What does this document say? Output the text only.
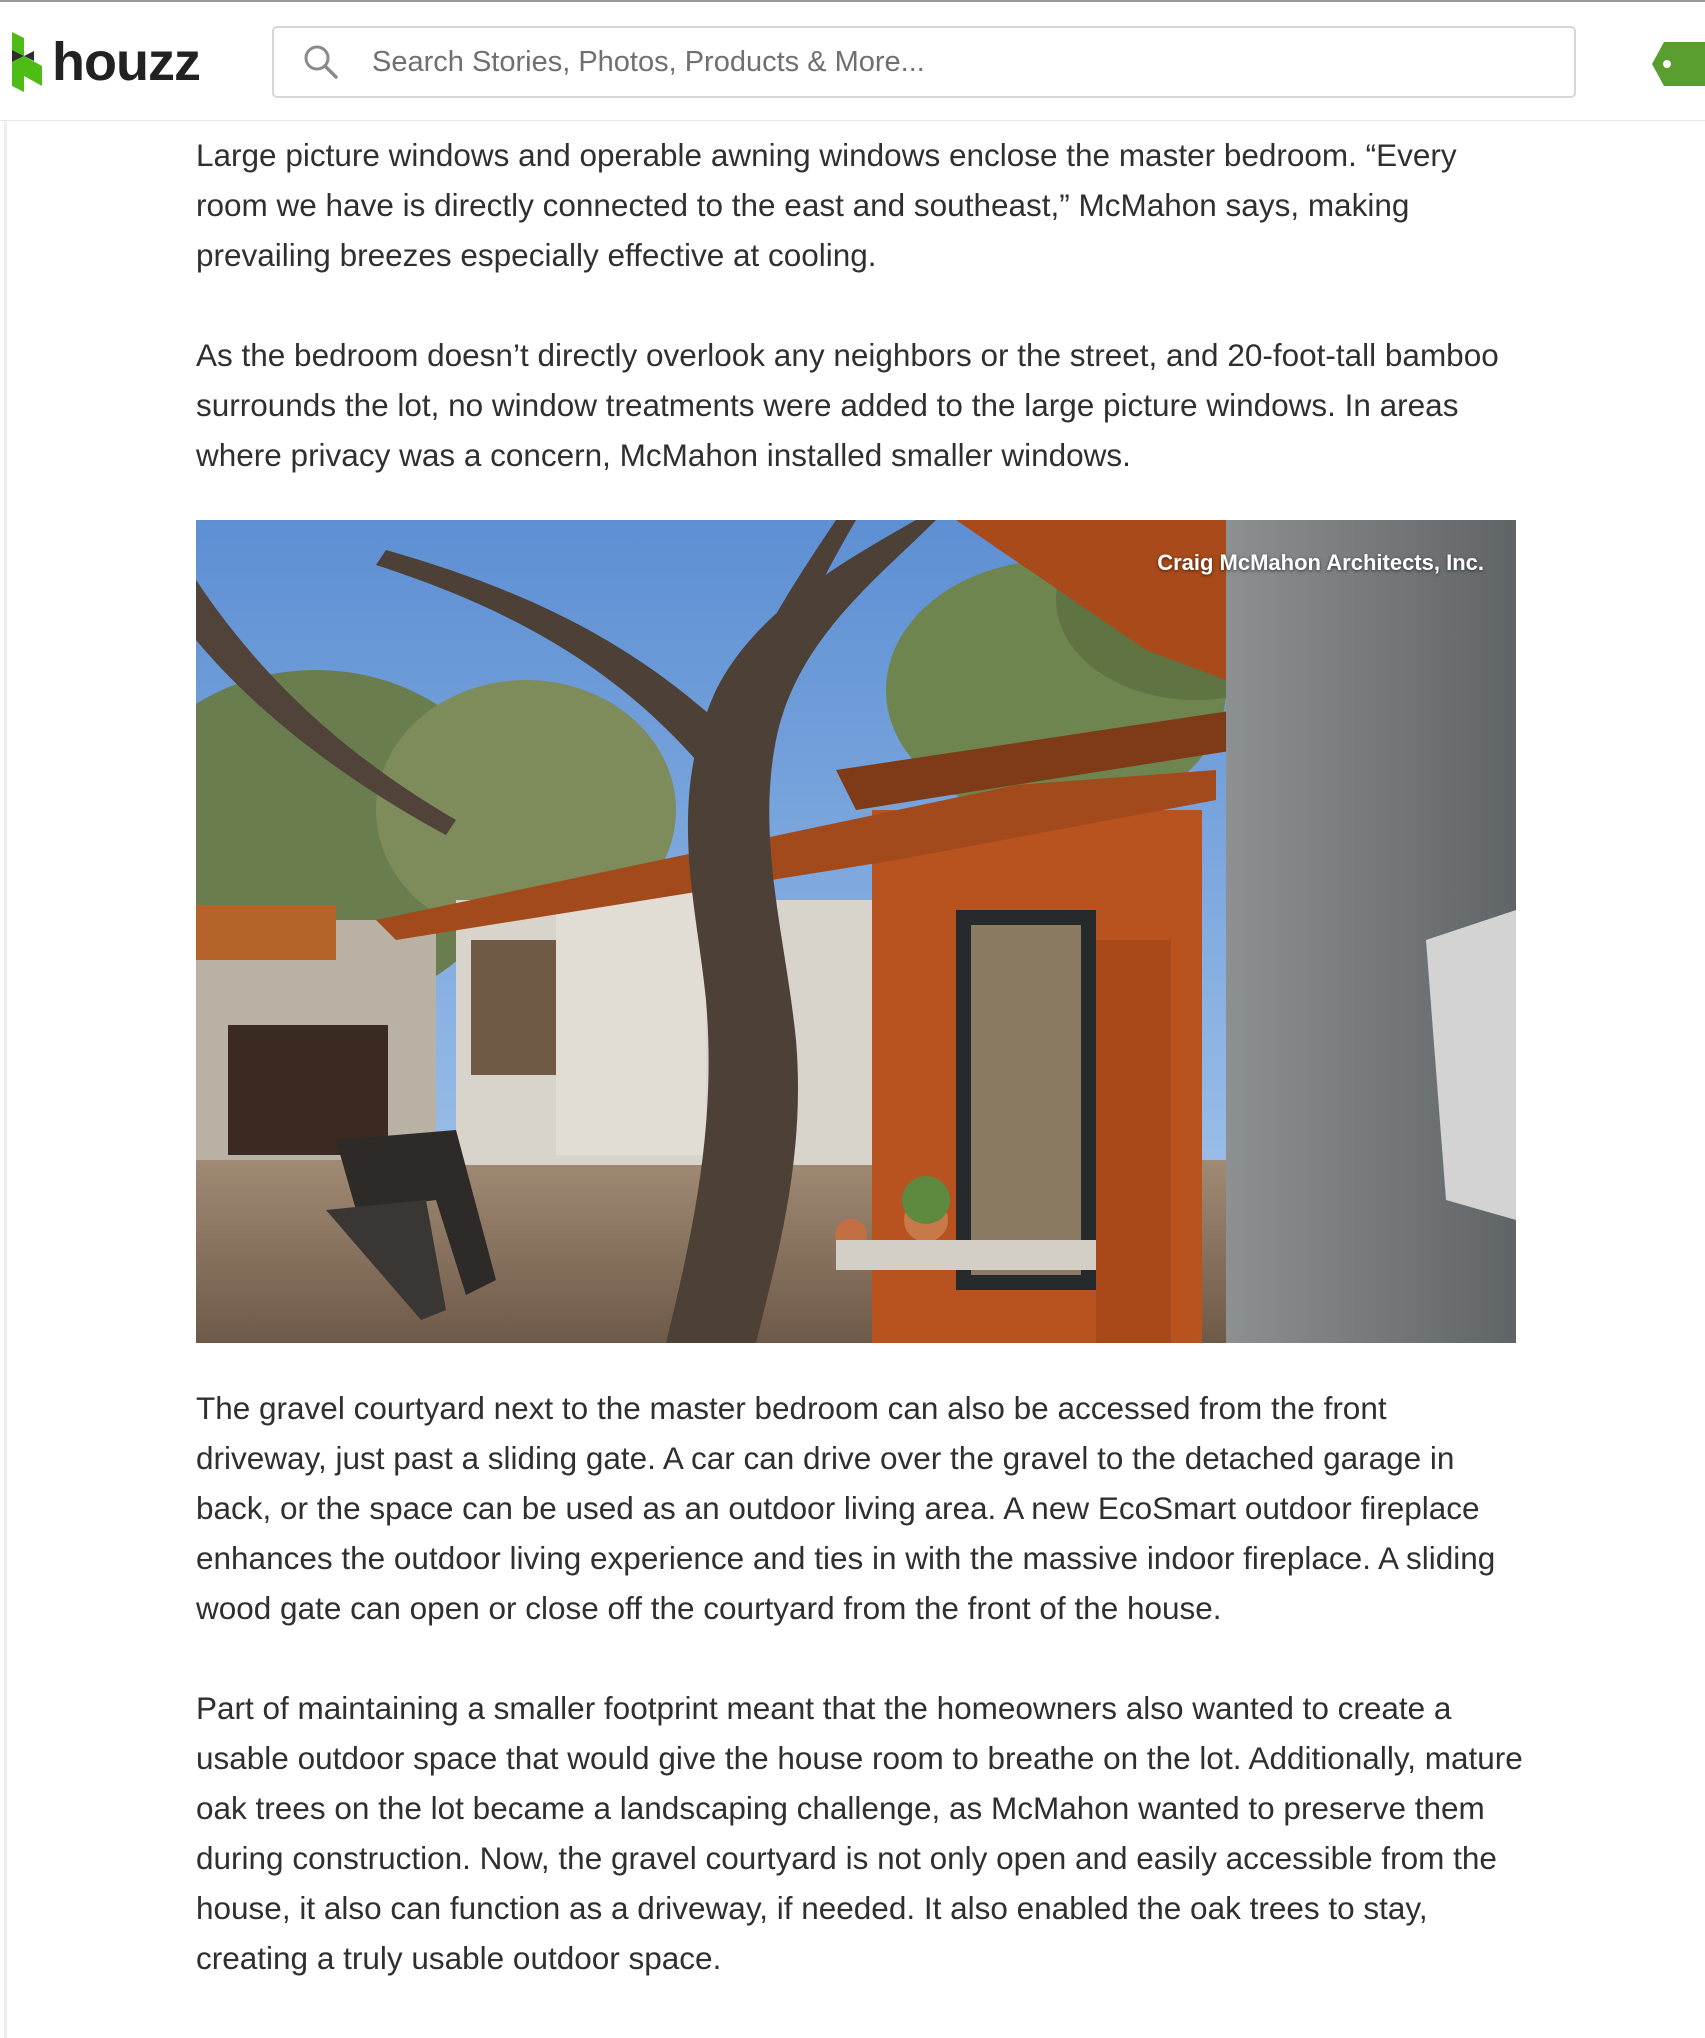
houzz
Search Stories, Photos, Products & More...

Large picture windows and operable awning windows enclose the master bedroom. “Every room we have is directly connected to the east and southeast,” McMahon says, making prevailing breezes especially effective at cooling.

As the bedroom doesn’t directly overlook any neighbors or the street, and 20-foot-tall bamboo surrounds the lot, no window treatments were added to the large picture windows. In areas where privacy was a concern, McMahon installed smaller windows.

Craig McMahon Architects, Inc.

The gravel courtyard next to the master bedroom can also be accessed from the front driveway, just past a sliding gate. A car can drive over the gravel to the detached garage in back, or the space can be used as an outdoor living area. A new EcoSmart outdoor fireplace enhances the outdoor living experience and ties in with the massive indoor fireplace. A sliding wood gate can open or close off the courtyard from the front of the house.

Part of maintaining a smaller footprint meant that the homeowners also wanted to create a usable outdoor space that would give the house room to breathe on the lot. Additionally, mature oak trees on the lot became a landscaping challenge, as McMahon wanted to preserve them during construction. Now, the gravel courtyard is not only open and easily accessible from the house, it also can function as a driveway, if needed. It also enabled the oak trees to stay, creating a truly usable outdoor space.
